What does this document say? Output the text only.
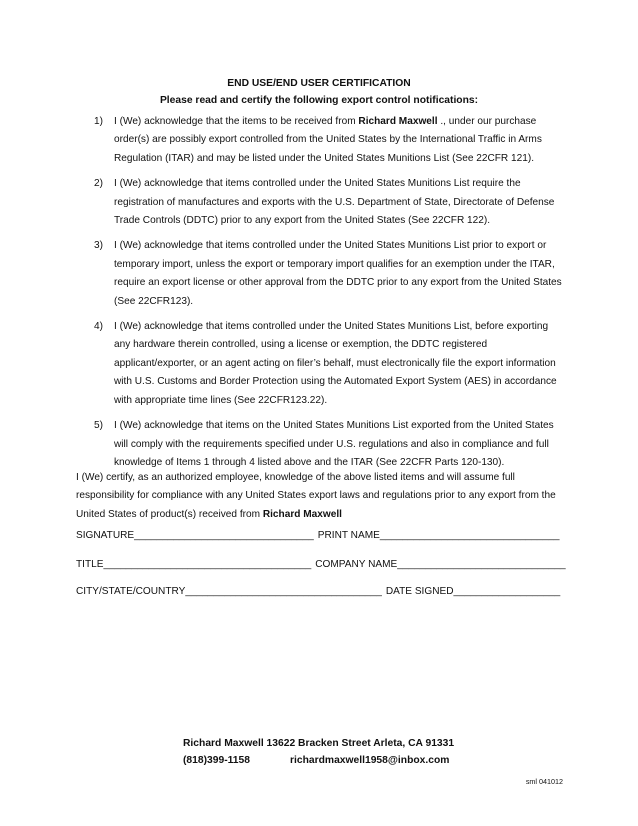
END USE/END USER CERTIFICATION
Please read and certify the following export control notifications:
1) I (We) acknowledge that the items to be received from Richard Maxwell ., under our purchase order(s) are possibly export controlled from the United States by the International Traffic in Arms Regulation (ITAR) and may be listed under the United States Munitions List (See 22CFR 121).
2) I (We) acknowledge that items controlled under the United States Munitions List require the registration of manufactures and exports with the U.S. Department of State, Directorate of Defense Trade Controls (DDTC) prior to any export from the United States (See 22CFR 122).
3) I (We) acknowledge that items controlled under the United States Munitions List prior to export or temporary import, unless the export or temporary import qualifies for an exemption under the ITAR, require an export license or other approval from the DDTC prior to any export from the United States (See 22CFR123).
4) I (We) acknowledge that items controlled under the United States Munitions List, before exporting any hardware therein controlled, using a license or exemption, the DDTC registered applicant/exporter, or an agent acting on filer’s behalf, must electronically file the export information with U.S. Customs and Border Protection using the Automated Export System (AES) in accordance with appropriate time lines (See 22CFR123.22).
5) I (We) acknowledge that items on the United States Munitions List exported from the United States will comply with the requirements specified under U.S. regulations and also in compliance and full knowledge of Items 1 through 4 listed above and the ITAR (See 22CFR Parts 120-130).
I (We) certify, as an authorized employee, knowledge of the above listed items and will assume full responsibility for compliance with any United States export laws and regulations prior to any export from the United States of product(s) received from Richard Maxwell
SIGNATURE________________________________ PRINT NAME________________________________
TITLE_____________________________________ COMPANY NAME______________________________
CITY/STATE/COUNTRY___________________________________ DATE SIGNED___________________
Richard Maxwell 13622 Bracken Street Arleta, CA 91331
(818)399-1158	richardmaxwell1958@inbox.com
sml 041012
